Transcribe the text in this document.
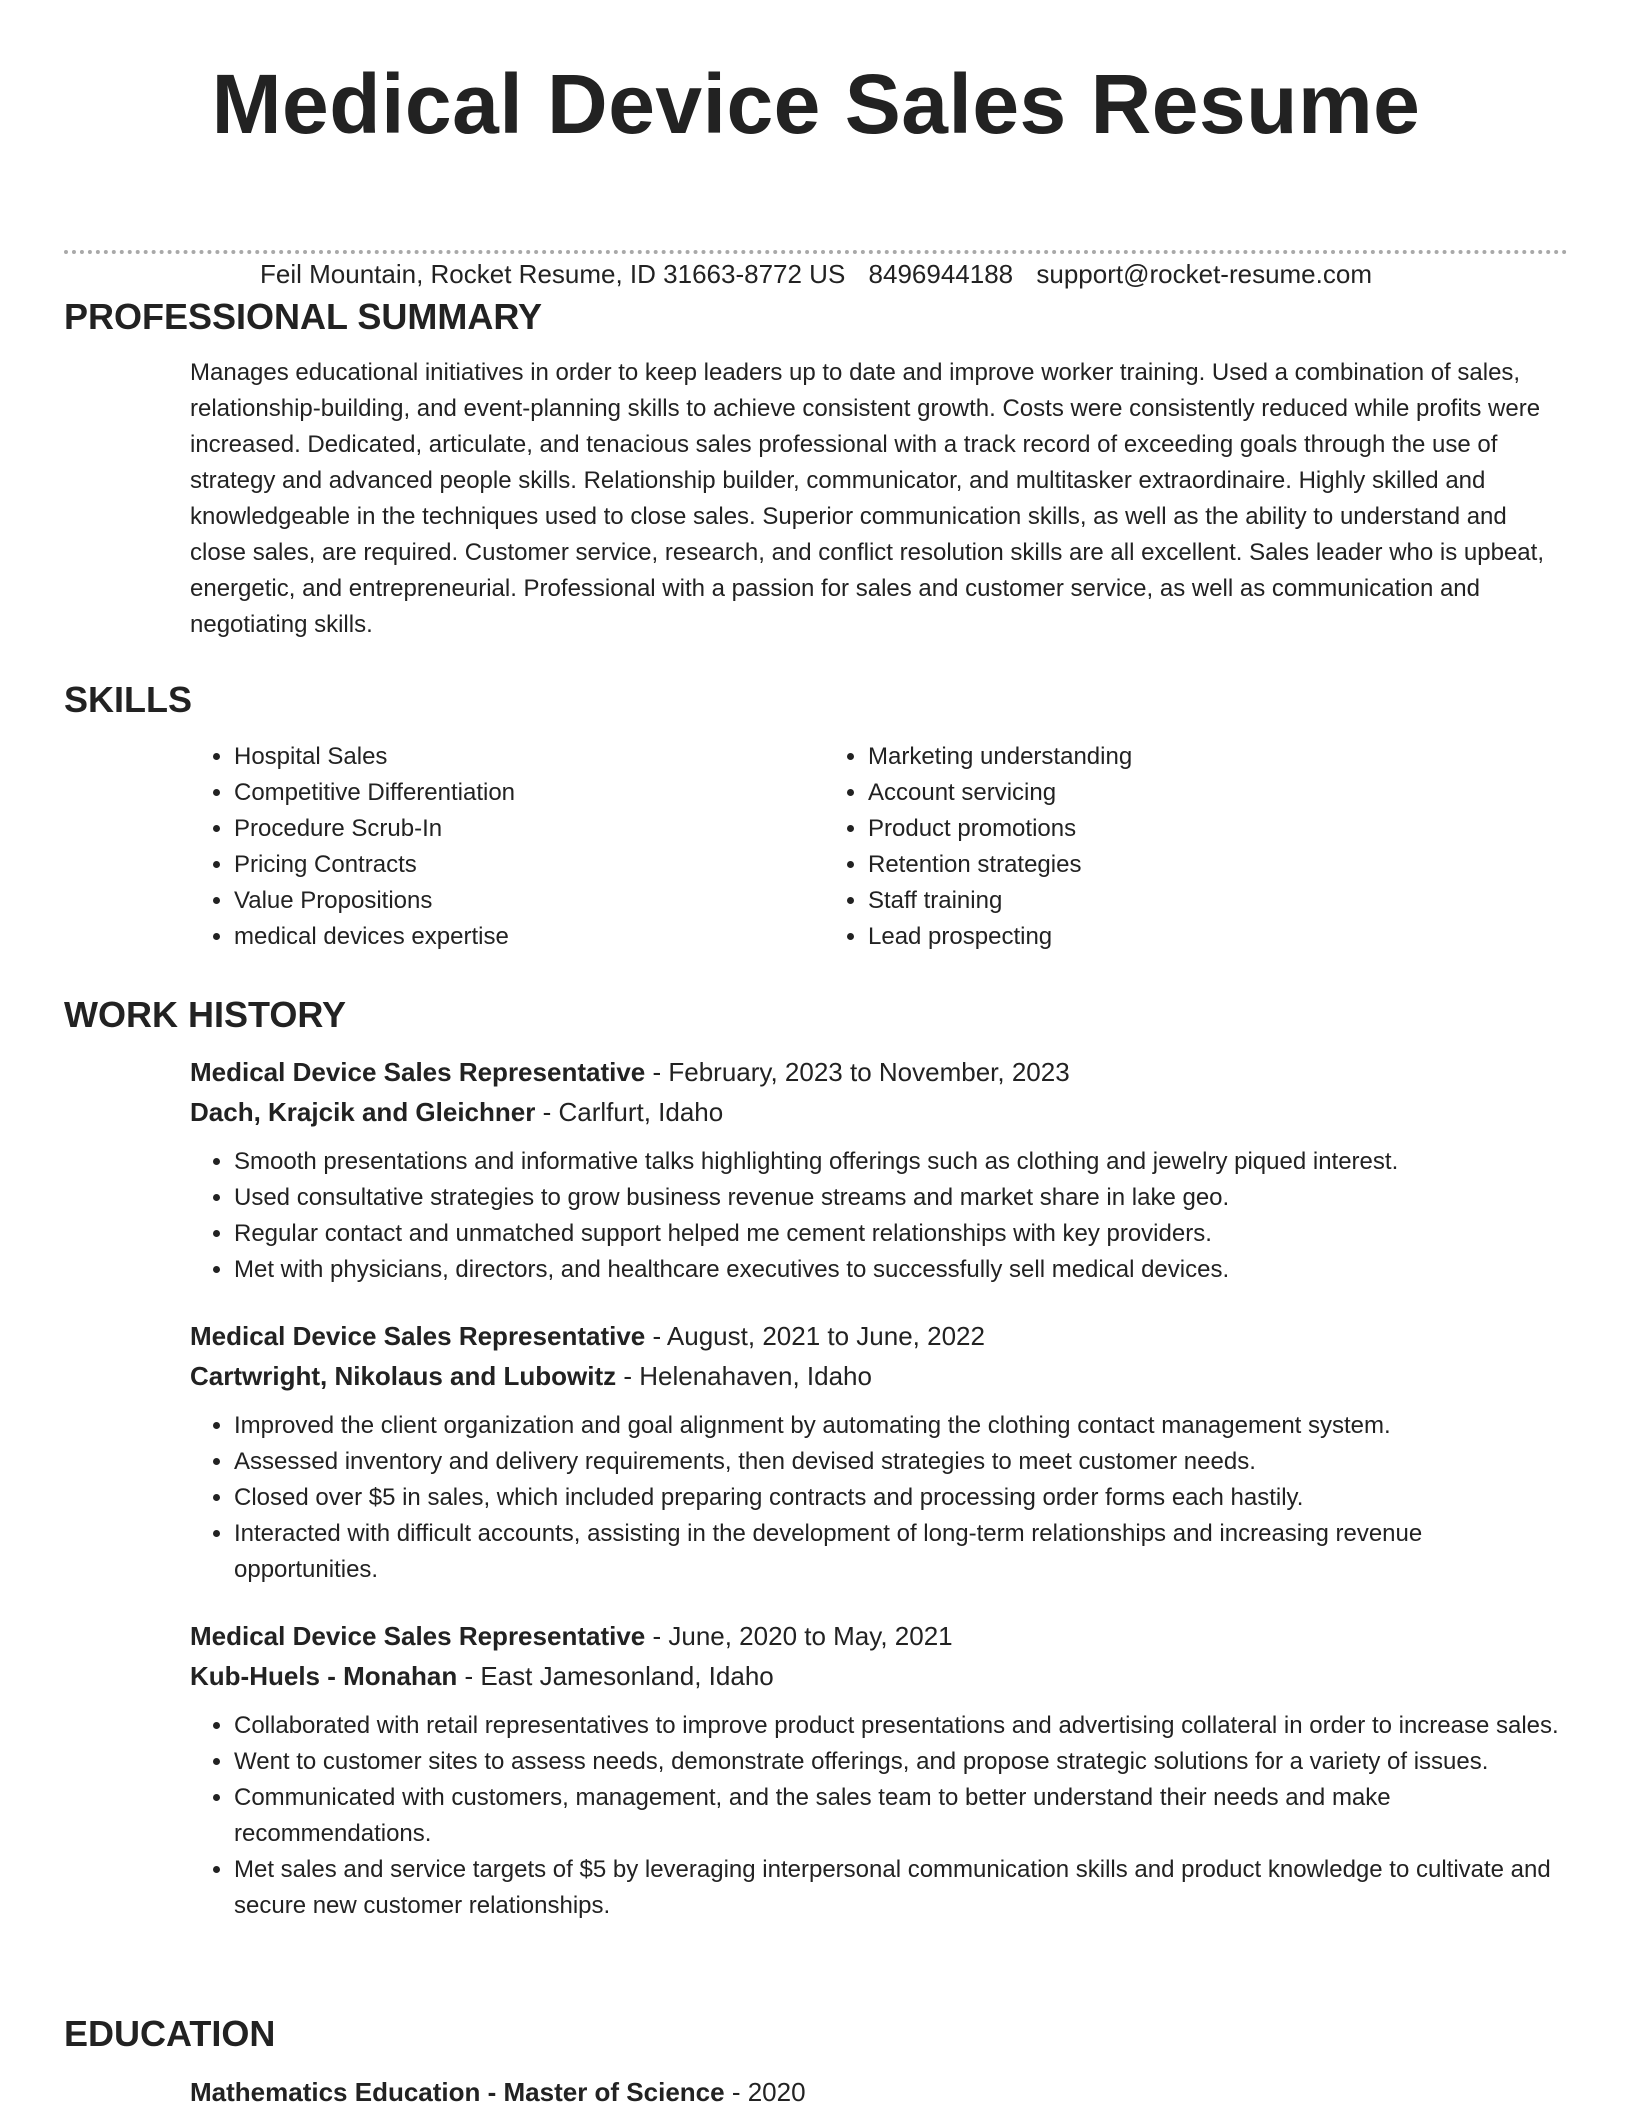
Medical Device Sales Resume
Feil Mountain, Rocket Resume, ID 31663-8772 US 8496944188 support@rocket-resume.com
PROFESSIONAL SUMMARY

Manages educational initiatives in order to keep leaders up to date and improve worker training. Used a combination of sales, relationship-building, and event-planning skills to achieve consistent growth. Costs were consistently reduced while profits were increased. Dedicated, articulate, and tenacious sales professional with a track record of exceeding goals through the use of strategy and advanced people skills. Relationship builder, communicator, and multitasker extraordinaire. Highly skilled and knowledgeable in the techniques used to close sales. Superior communication skills, as well as the ability to understand and close sales, are required. Customer service, research, and conflict resolution skills are all excellent. Sales leader who is upbeat, energetic, and entrepreneurial. Professional with a passion for sales and customer service, as well as communication and negotiating skills.

SKILLS
• Hospital Sales
• Competitive Differentiation
• Procedure Scrub-In
• Pricing Contracts
• Value Propositions
• medical devices expertise
• Marketing understanding
• Account servicing
• Product promotions
• Retention strategies
• Staff training
• Lead prospecting
WORK HISTORY

Medical Device Sales Representative - February, 2023 to November, 2023

Dach, Krajcik and Gleichner - Carlfurt, Idaho

• Smooth presentations and informative talks highlighting offerings such as clothing and jewelry piqued interest.
• Used consultative strategies to grow business revenue streams and market share in lake geo.
• Regular contact and unmatched support helped me cement relationships with key providers.
• Met with physicians, directors, and healthcare executives to successfully sell medical devices.

Medical Device Sales Representative - August, 2021 to June, 2022

Cartwright, Nikolaus and Lubowitz - Helenahaven, Idaho

• Improved the client organization and goal alignment by automating the clothing contact management system.
• Assessed inventory and delivery requirements, then devised strategies to meet customer needs.
• Closed over $5 in sales, which included preparing contracts and processing order forms each hastily.
• Interacted with difficult accounts, assisting in the development of long-term relationships and increasing revenue opportunities.

Medical Device Sales Representative - June, 2020 to May, 2021

Kub-Huels - Monahan - East Jamesonland, Idaho

• Collaborated with retail representatives to improve product presentations and advertising collateral in order to increase sales.
• Went to customer sites to assess needs, demonstrate offerings, and propose strategic solutions for a variety of issues.
• Communicated with customers, management, and the sales team to better understand their needs and make recommendations.
• Met sales and service targets of $5 by leveraging interpersonal communication skills and product knowledge to cultivate and secure new customer relationships.
EDUCATION

Mathematics Education - Master of Science - 2020
